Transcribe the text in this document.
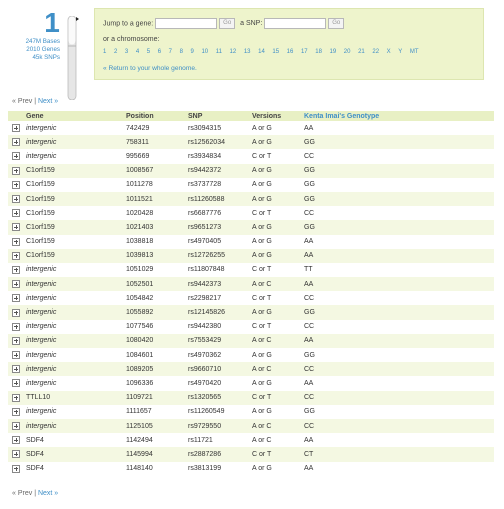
1
247M Bases
2010 Genes
45k SNPs
Jump to a gene:	Go a SNP:	Go
or a chromosome:
1 2 3 4 5 6 7 8 9 10 11 12 13 14 15 16 17 18 19 20 21 22 X Y MT
« Return to your whole genome.
« Prev | Next »
	Gene	Position	SNP	Versions	Kenta Imai's Genotype
	intergenic	742429	rs3094315	A or G	AA
	intergenic	758311	rs12562034	A or G	GG
	intergenic	995669	rs3934834	C or T	CC
	C1orf159	1008567	rs9442372	A or G	GG
	C1orf159	1011278	rs3737728	A or G	GG
	C1orf159	1011521	rs11260588	A or G	GG
	C1orf159	1020428	rs6687776	C or T	CC
	C1orf159	1021403	rs9651273	A or G	GG
	C1orf159	1038818	rs4970405	A or G	AA
	C1orf159	1039813	rs12726255	A or G	AA
	intergenic	1051029	rs11807848	C or T	TT
	intergenic	1052501	rs9442373	A or C	AA
	intergenic	1054842	rs2298217	C or T	CC
	intergenic	1055892	rs12145826	A or G	GG
	intergenic	1077546	rs9442380	C or T	CC
	intergenic	1080420	rs7553429	A or C	AA
	intergenic	1084601	rs4970362	A or G	GG
	intergenic	1089205	rs9660710	A or C	CC
	intergenic	1096336	rs4970420	A or G	AA
	TTLL10	1109721	rs1320565	C or T	CC
	intergenic	1111657	rs11260549	A or G	GG
	intergenic	1125105	rs9729550	A or C	CC
	SDF4	1142494	rs11721	A or C	AA
	SDF4	1145994	rs2887286	C or T	CT
	SDF4	1148140	rs3813199	A or G	AA
« Prev | Next »
